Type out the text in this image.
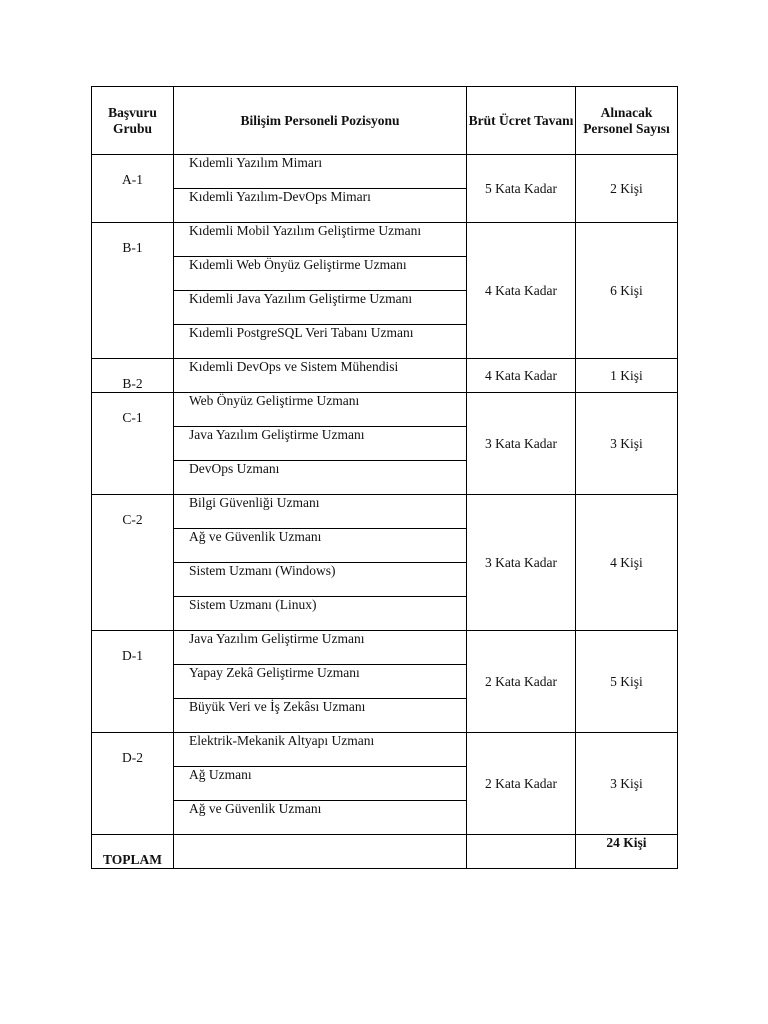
Başvuru Grubu	Bilişim Personeli Pozisyonu	Brüt Ücret Tavanı	Alınacak Personel Sayısı

A-1	Kıdemli Yazılım Mimarı	5 Kata Kadar	2 Kişi

	Kıdemli Yazılım-DevOps Mimarı		

B-1	Kıdemli Mobil Yazılım Geliştirme Uzmanı	4 Kata Kadar	6 Kişi

	Kıdemli Web Önyüz Geliştirme Uzmanı		

	Kıdemli Java Yazılım Geliştirme Uzmanı		

	Kıdemli PostgreSQL Veri Tabanı Uzmanı		

B-2	Kıdemli DevOps ve Sistem Mühendisi	4 Kata Kadar	1 Kişi

C-1	Web Önyüz Geliştirme Uzmanı	3 Kata Kadar	3 Kişi

	Java Yazılım Geliştirme Uzmanı		

	DevOps Uzmanı		

C-2	Bilgi Güvenliği Uzmanı	3 Kata Kadar	4 Kişi

	Ağ ve Güvenlik Uzmanı		

	Sistem Uzmanı (Windows)		

	Sistem Uzmanı (Linux)		

D-1	Java Yazılım Geliştirme Uzmanı	2 Kata Kadar	5 Kişi

	Yapay Zekâ Geliştirme Uzmanı		

	Büyük Veri ve İş Zekâsı Uzmanı		

D-2	Elektrik-Mekanik Altyapı Uzmanı	2 Kata Kadar	3 Kişi

	Ağ Uzmanı		

	Ağ ve Güvenlik Uzmanı		

TOPLAM			24 Kişi
